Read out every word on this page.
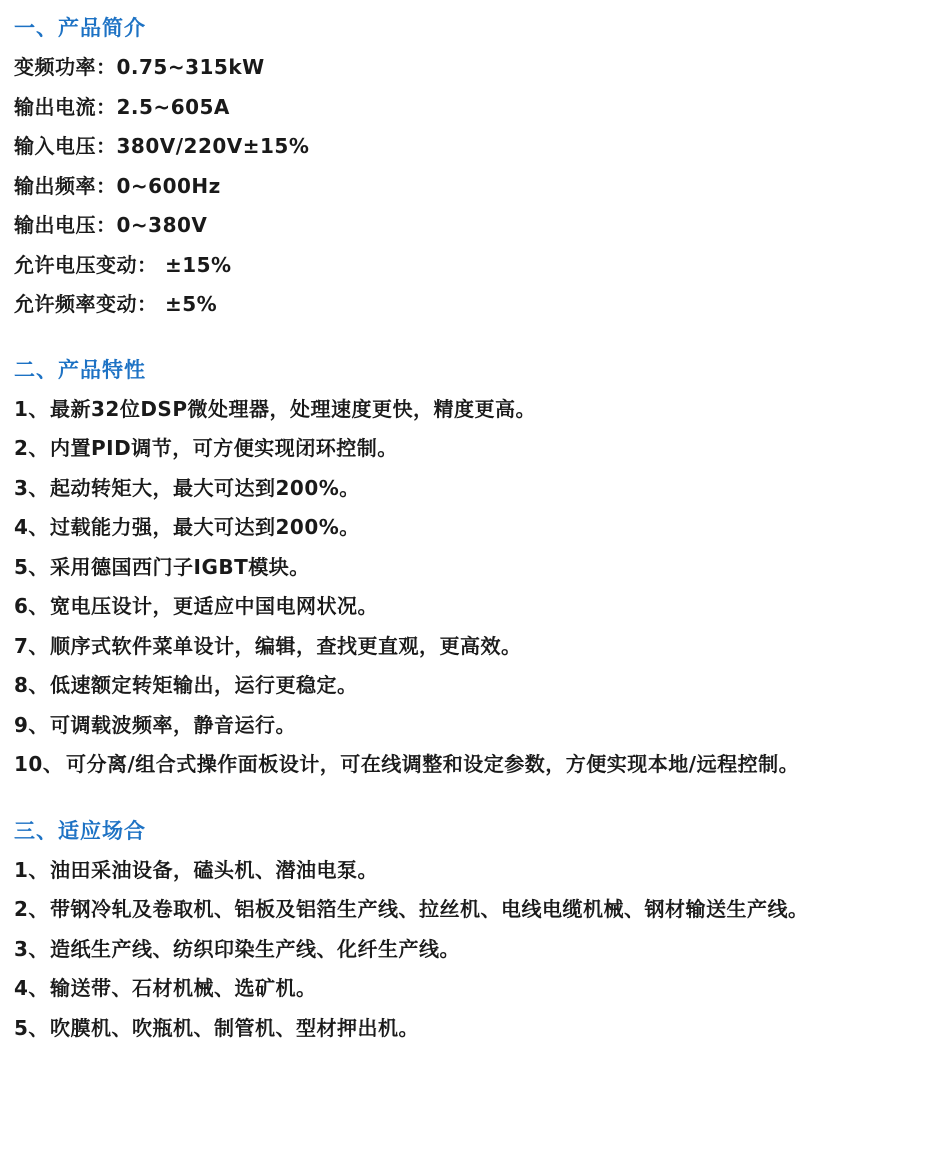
一、产品简介
变频功率：0.75~315kW
输出电流：2.5~605A
输入电压：380V/220V±15%
输出频率：0~600Hz
输出电压：0~380V
允许电压变动： ±15%
允许频率变动： ±5%
二、产品特性
1、 最新32位DSP微处理器，处理速度更快，精度更高。
2、 内置PID调节，可方便实现闭环控制。
3、 起动转矩大，最大可达到200%。
4、 过载能力强，最大可达到200%。
5、 采用德国西门子IGBT模块。
6、 宽电压设计，更适应中国电网状况。
7、 顺序式软件菜单设计，编辑，查找更直观，更高效。
8、 低速额定转矩输出，运行更稳定。
9、 可调载波频率，静音运行。
10、 可分离/组合式操作面板设计，可在线调整和设定参数，方便实现本地/远程控制。
三、适应场合
1、 油田采油设备，磕头机、潜油电泵。
2、 带钢冷轧及卷取机、铝板及铝箔生产线、拉丝机、电线电缆机械、钢材输送生产线。
3、 造纸生产线、纺织印染生产线、化纤生产线。
4、 输送带、石材机械、选矿机。
5、 吹膜机、吹瓶机、制管机、型材押出机。
